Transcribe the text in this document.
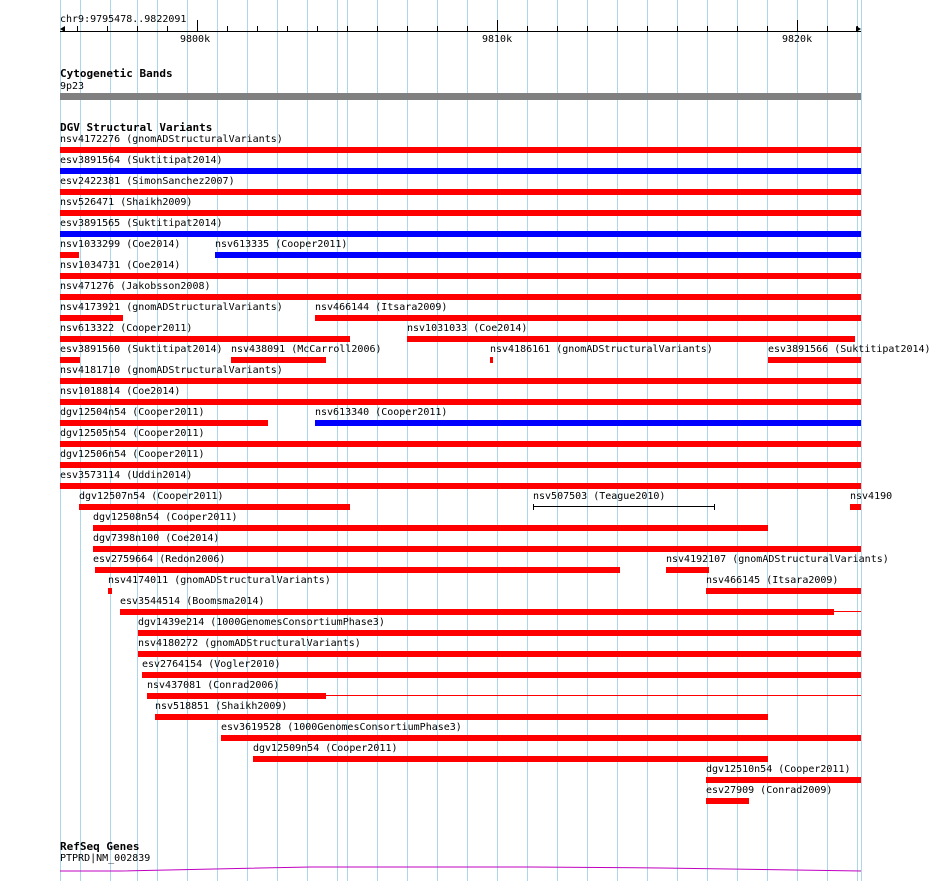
chr9:9795478..9822091
9800k	9810k	9820k
Cytogenetic Bands
9p23
DGV Structural Variants
nsv4172276 (gnomADStructuralVariants)
esv3891564 (Suktitipat2014)
esv2422381 (SimonSanchez2007)
nsv526471 (Shaikh2009)
esv3891565 (Suktitipat2014)
nsv1033299 (Coe2014)	nsv613335 (Cooper2011)
nsv1034731 (Coe2014)
nsv471276 (Jakobsson2008)
nsv4173921 (gnomADStructuralVariants)	nsv466144 (Itsara2009)
nsv613322 (Cooper2011)	nsv1031033 (Coe2014)
esv3891560 (Suktitipat2014) nsv438091 (McCarroll2006)	nsv4186161 (gnomADStructuralVariants)	esv3891566 (Suktitipat2014)
nsv4181710 (gnomADStructuralVariants)
nsv1018814 (Coe2014)
dgv12504n54 (Cooper2011)	nsv613340 (Cooper2011)
dgv12505n54 (Cooper2011)
dgv12506n54 (Cooper2011)
esv3573114 (Uddin2014)
dgv12507n54 (Cooper2011)	nsv507503 (Teague2010)	nsv4190
dgv12508n54 (Cooper2011)
dgv7398n100 (Coe2014)
esv2759664 (Redon2006)	nsv4192107 (gnomADStructuralVariants)
nsv4174011 (gnomADStructuralVariants)	nsv466145 (Itsara2009)
esv3544514 (Boomsma2014)
dgv1439e214 (1000GenomesConsortiumPhase3)
nsv4180272 (gnomADStructuralVariants)
esv2764154 (Vogler2010)
nsv437081 (Conrad2006)
nsv518851 (Shaikh2009)
esv3619528 (1000GenomesConsortiumPhase3)
dgv12509n54 (Cooper2011)
dgv12510n54 (Cooper2011)
esv27909 (Conrad2009)
RefSeq Genes
PTPRD|NM_002839
